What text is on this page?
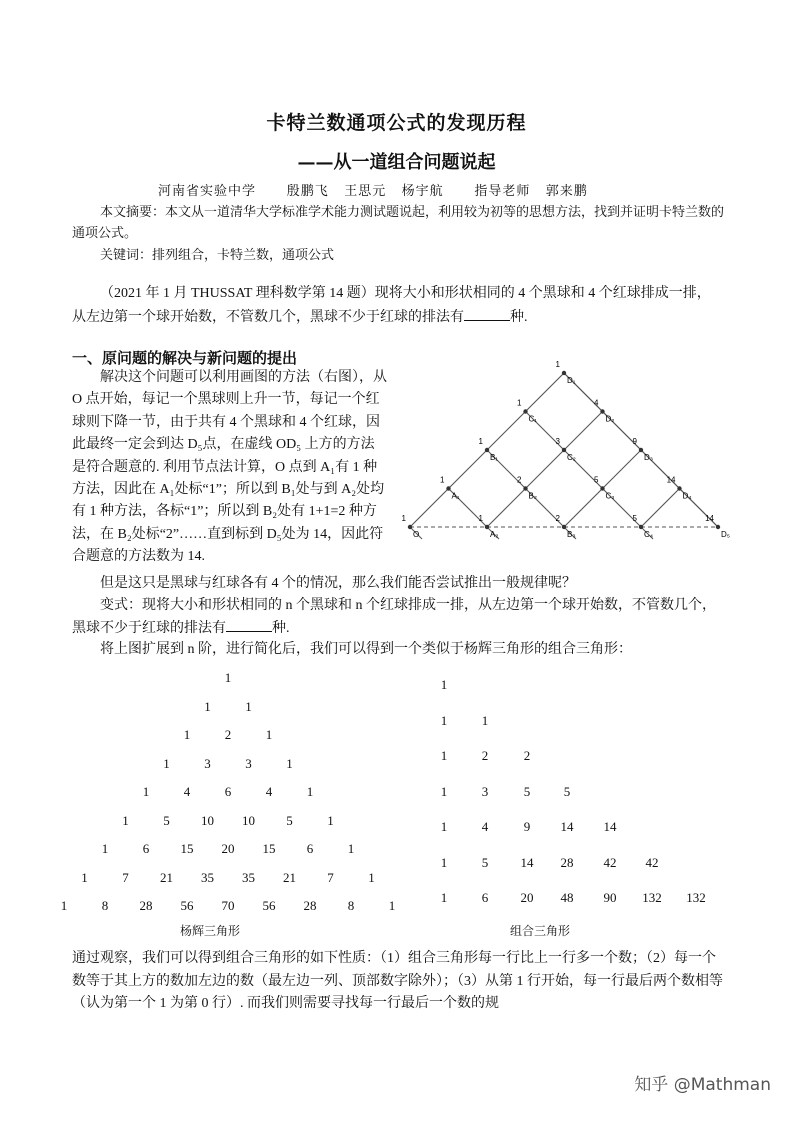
卡特兰数通项公式的发现历程
——从一道组合问题说起
河南省实验中学      殷鹏飞   王思元   杨宇航      指导老师   郭来鹏
本文摘要：本文从一道清华大学标准学术能力测试题说起，利用较为初等的思想方法，找到并证明卡特兰数的通项公式。
关键词：排列组合，卡特兰数，通项公式
（2021 年 1 月 THUSSAT 理科数学第 14 题）现将大小和形状相同的 4 个黑球和 4 个红球排成一排，从左边第一个球开始数，不管数几个，黑球不少于红球的排法有	种.
一、原问题的解决与新问题的提出
解决这个问题可以利用画图的方法（右图），从 O 点开始，每记一个黑球则上升一节，每记一个红球则下降一节，由于共有 4 个黑球和 4 个红球，因此最终一定会到达 D₅点，在虚线 OD₅ 上方的方法是符合题意的. 利用节点法计算，O 点到 A₁有 1 种方法，因此在 A₁处标“1”；所以到 B₁处与到 A₂处均有 1 种方法，各标“1”；所以到 B₂处有 1+1=2 种方法，在 B₂处标“2”……直到标到 D₅处为 14，因此符合题意的方法数为 14.
1
O
1
A₁
1
A₂
1
B₁
2
B₂
2
B₃
1
C₁
3
C₂
5
C₃
5
C₄
1
D₁
4
D₂
9
D₃
14
D₄
14
D₅
但是这只是黑球与红球各有 4 个的情况，那么我们能否尝试推出一般规律呢？
变式：现将大小和形状相同的 n 个黑球和 n 个红球排成一排，从左边第一个球开始数，不管数几个，黑球不少于红球的排法有	种.
将上图扩展到 n 阶，进行简化后，我们可以得到一个类似于杨辉三角形的组合三角形：
1
1	1
1	2	1
1	3	3	1
1	4	6	4	1
1	5 10 10 5	1
1	6 15 20 15 6	1
1	7 21 35 35 21 7	1
1	8 28 56 70 56 28 8	1
1
1	1
1	2	2
1	3	5	5
1	4	9 14 14
1	5 14 28 42 42
1	6 20 48 90 132 132
杨辉三角形	组合三角形
通过观察，我们可以得到组合三角形的如下性质：（1）组合三角形每一行比上一行多一个数；（2）每一个数等于其上方的数加左边的数（最左边一列、顶部数字除外）；（3）从第 1 行开始，每一行最后两个数相等（认为第一个 1 为第 0 行）. 而我们则需要寻找每一行最后一个数的规
知乎 @Mathman
